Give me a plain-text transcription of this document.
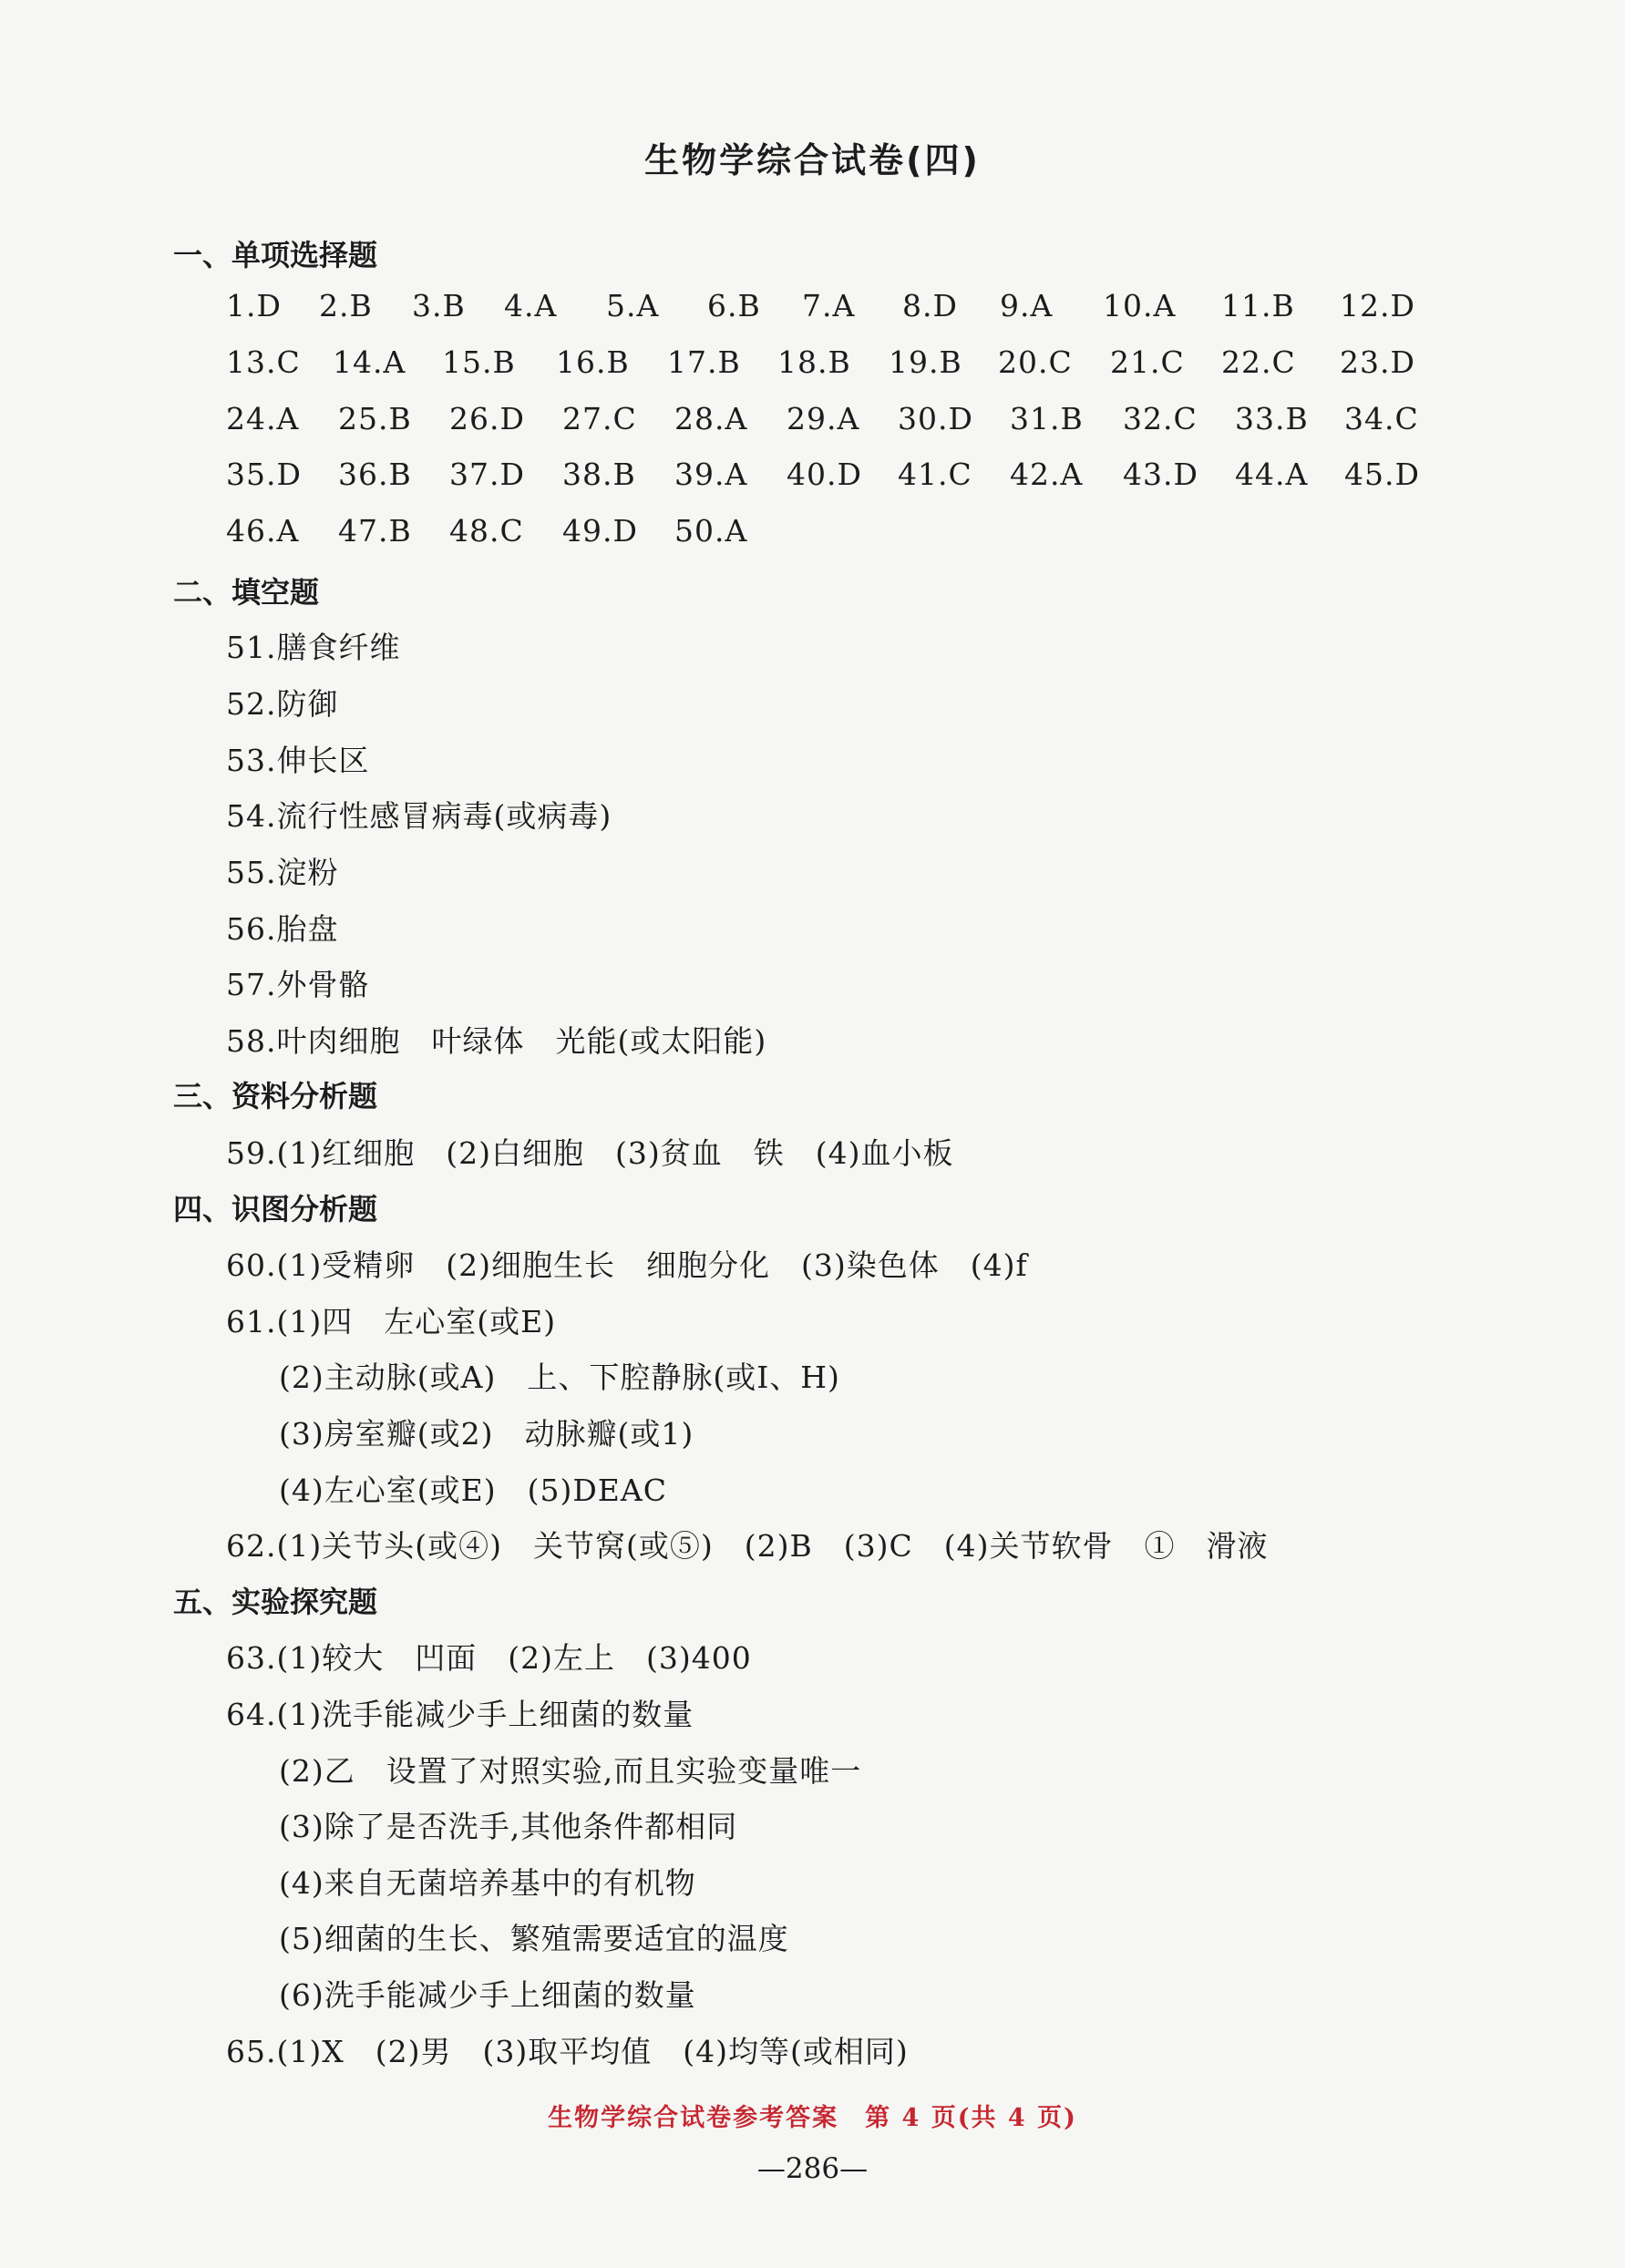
生物学综合试卷(四)
一、单项选择题
1.D 2.B 3.B 4.A 5.A 6.B 7.A 8.D 9.A 10.A 11.B 12.D
13.C 14.A 15.B 16.B 17.B 18.B 19.B 20.C 21.C 22.C 23.D
24.A 25.B 26.D 27.C 28.A 29.A 30.D 31.B 32.C 33.B 34.C
35.D 36.B 37.D 38.B 39.A 40.D 41.C 42.A 43.D 44.A 45.D
46.A 47.B 48.C 49.D 50.A
二、填空题
51.膳食纤维
52.防御
53.伸长区
54.流行性感冒病毒(或病毒)
55.淀粉
56.胎盘
57.外骨骼
58.叶肉细胞　叶绿体　光能(或太阳能)
三、资料分析题
59.(1)红细胞　(2)白细胞　(3)贫血　铁　(4)血小板
四、识图分析题
60.(1)受精卵　(2)细胞生长　细胞分化　(3)染色体　(4)f
61.(1)四　左心室(或E)
(2)主动脉(或A)　上、下腔静脉(或I、H)
(3)房室瓣(或2)　动脉瓣(或1)
(4)左心室(或E)　(5)DEAC
62.(1)关节头(或④)　关节窝(或⑤)　(2)B　(3)C　(4)关节软骨　①　滑液
五、实验探究题
63.(1)较大　凹面　(2)左上　(3)400
64.(1)洗手能减少手上细菌的数量
(2)乙　设置了对照实验,而且实验变量唯一
(3)除了是否洗手,其他条件都相同
(4)来自无菌培养基中的有机物
(5)细菌的生长、繁殖需要适宜的温度
(6)洗手能减少手上细菌的数量
65.(1)X　(2)男　(3)取平均值　(4)均等(或相同)
生物学综合试卷参考答案　第 4 页(共 4 页)
—286—
